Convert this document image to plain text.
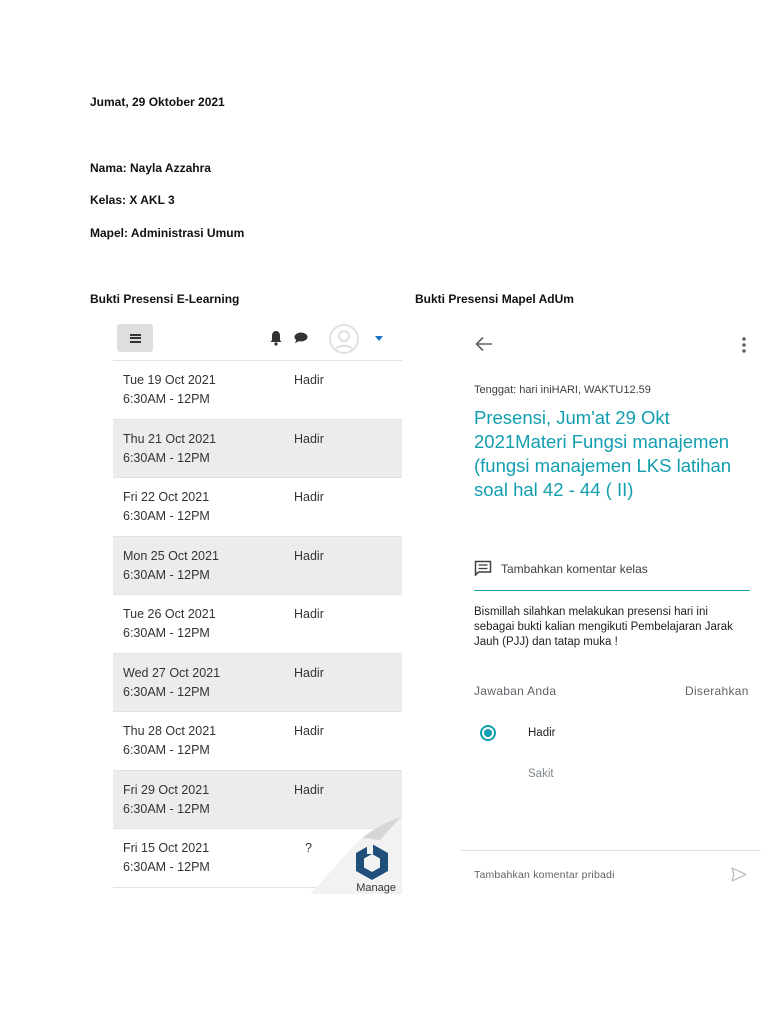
Jumat, 29 Oktober 2021
Nama: Nayla Azzahra
Kelas: X AKL 3
Mapel: Administrasi Umum
Bukti Presensi E-Learning	Bukti Presensi Mapel AdUm
Tue 19 Oct 2021
6:30AM - 12PM
Hadir
Thu 21 Oct 2021
6:30AM - 12PM
Hadir
Fri 22 Oct 2021
6:30AM - 12PM
Hadir
Mon 25 Oct 2021
6:30AM - 12PM
Hadir
Tue 26 Oct 2021
6:30AM - 12PM
Hadir
Wed 27 Oct 2021
6:30AM - 12PM
Hadir
Thu 28 Oct 2021
6:30AM - 12PM
Hadir
Fri 29 Oct 2021
6:30AM - 12PM
Hadir
Fri 15 Oct 2021
6:30AM - 12PM
?
Manage
Tenggat: hari iniHARI, WAKTU12.59
Presensi, Jum'at 29 Okt 2021Materi Fungsi manajemen (fungsi manajemen LKS latihan soal hal 42 - 44 ( II)
Tambahkan komentar kelas
Bismillah silahkan melakukan presensi hari ini sebagai bukti kalian mengikuti Pembelajaran Jarak Jauh (PJJ) dan tatap muka !
Jawaban Anda	Diserahkan
Hadir
Sakit
Tambahkan komentar pribadi
